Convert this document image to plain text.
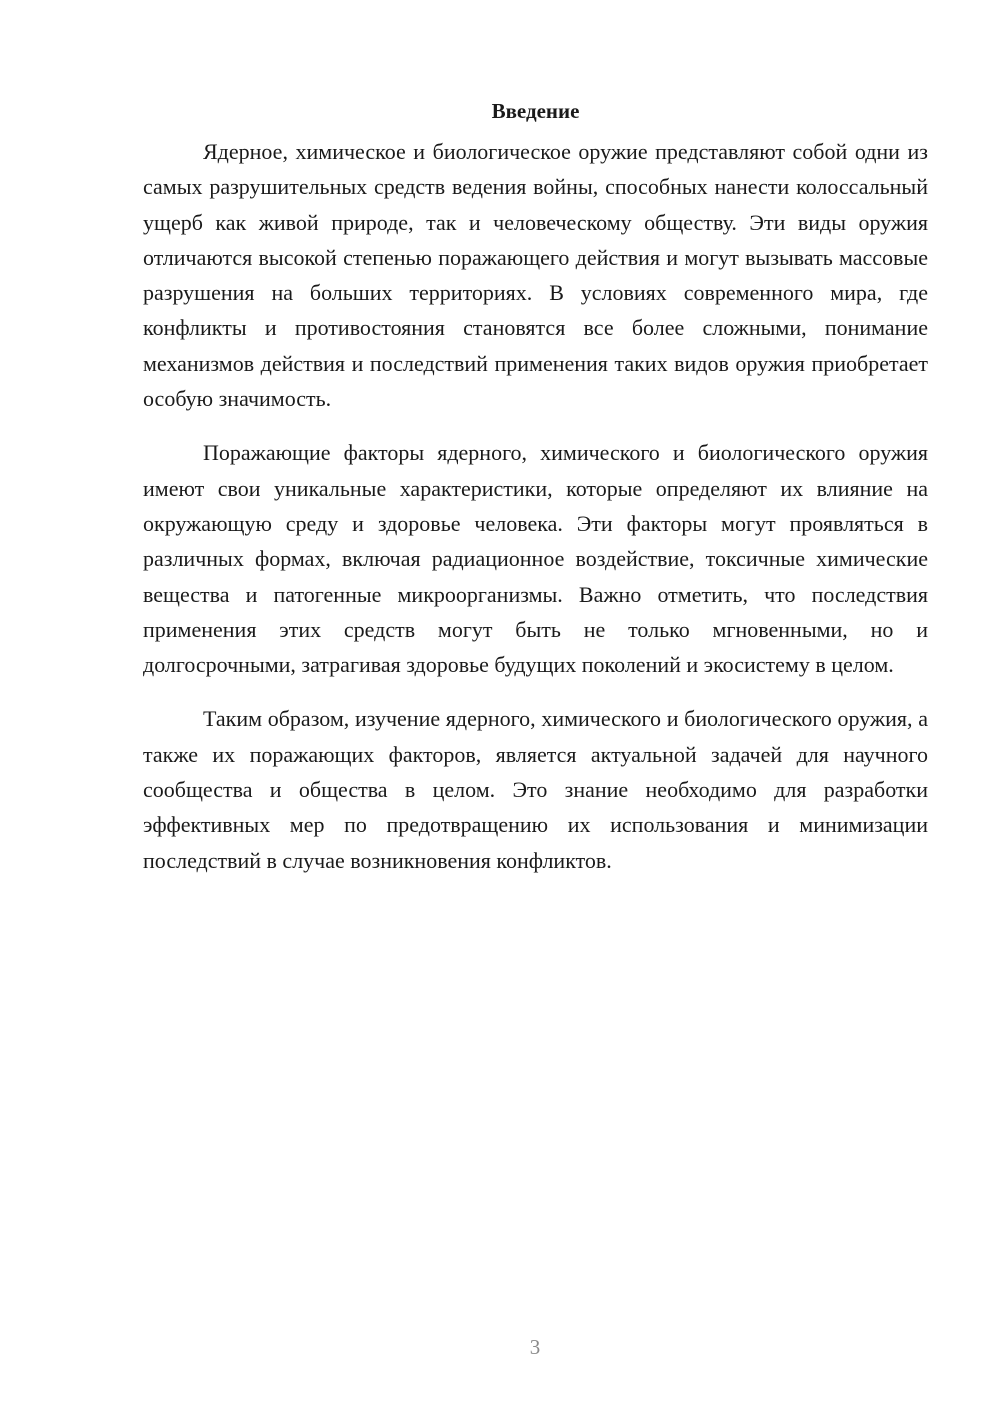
Введение

Ядерное, химическое и биологическое оружие представляют собой одни из самых разрушительных средств ведения войны, способных нанести колоссальный ущерб как живой природе, так и человеческому обществу. Эти виды оружия отличаются высокой степенью поражающего действия и могут вызывать массовые разрушения на больших территориях. В условиях современного мира, где конфликты и противостояния становятся все более сложными, понимание механизмов действия и последствий применения таких видов оружия приобретает особую значимость.

Поражающие факторы ядерного, химического и биологического оружия имеют свои уникальные характеристики, которые определяют их влияние на окружающую среду и здоровье человека. Эти факторы могут проявляться в различных формах, включая радиационное воздействие, токсичные химические вещества и патогенные микроорганизмы. Важно отметить, что последствия применения этих средств могут быть не только мгновенными, но и долгосрочными, затрагивая здоровье будущих поколений и экосистему в целом.

Таким образом, изучение ядерного, химического и биологического оружия, а также их поражающих факторов, является актуальной задачей для научного сообщества и общества в целом. Это знание необходимо для разработки эффективных мер по предотвращению их использования и минимизации последствий в случае возникновения конфликтов.

3
